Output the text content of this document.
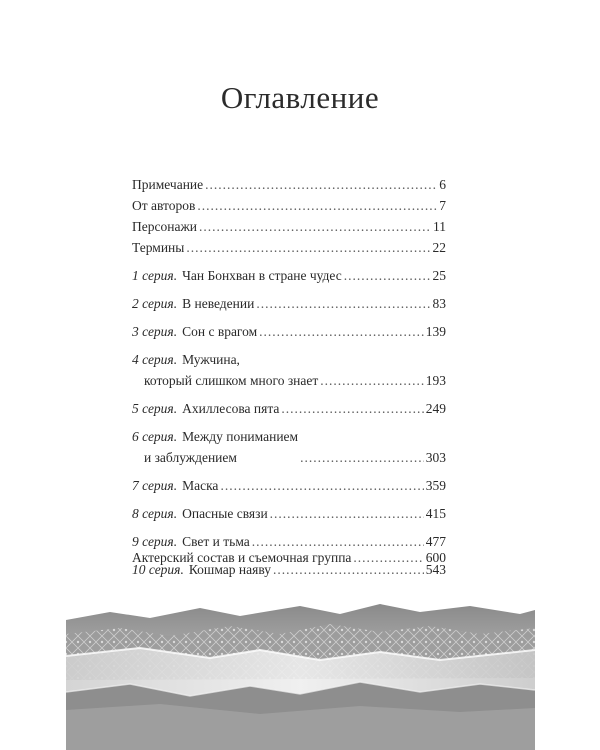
Оглавление
Примечание .....	6
От авторов .....	7
Персонажи .....	11
Термины .....	22
1 серия. Чан Бонхван в стране чудес .....	25
2 серия. В неведении .....	83
3 серия. Сон с врагом .....	139
4 серия. Мужчина,
который слишком много знает .....	193
5 серия. Ахиллесова пята .....	249
6 серия. Между пониманием
и заблуждением .....	303
7 серия. Маска .....	359
8 серия. Опасные связи .....	415
9 серия. Свет и тьма .....	477
10 серия. Кошмар наяву .....	543
Актерский состав и съемочная группа .....	600
